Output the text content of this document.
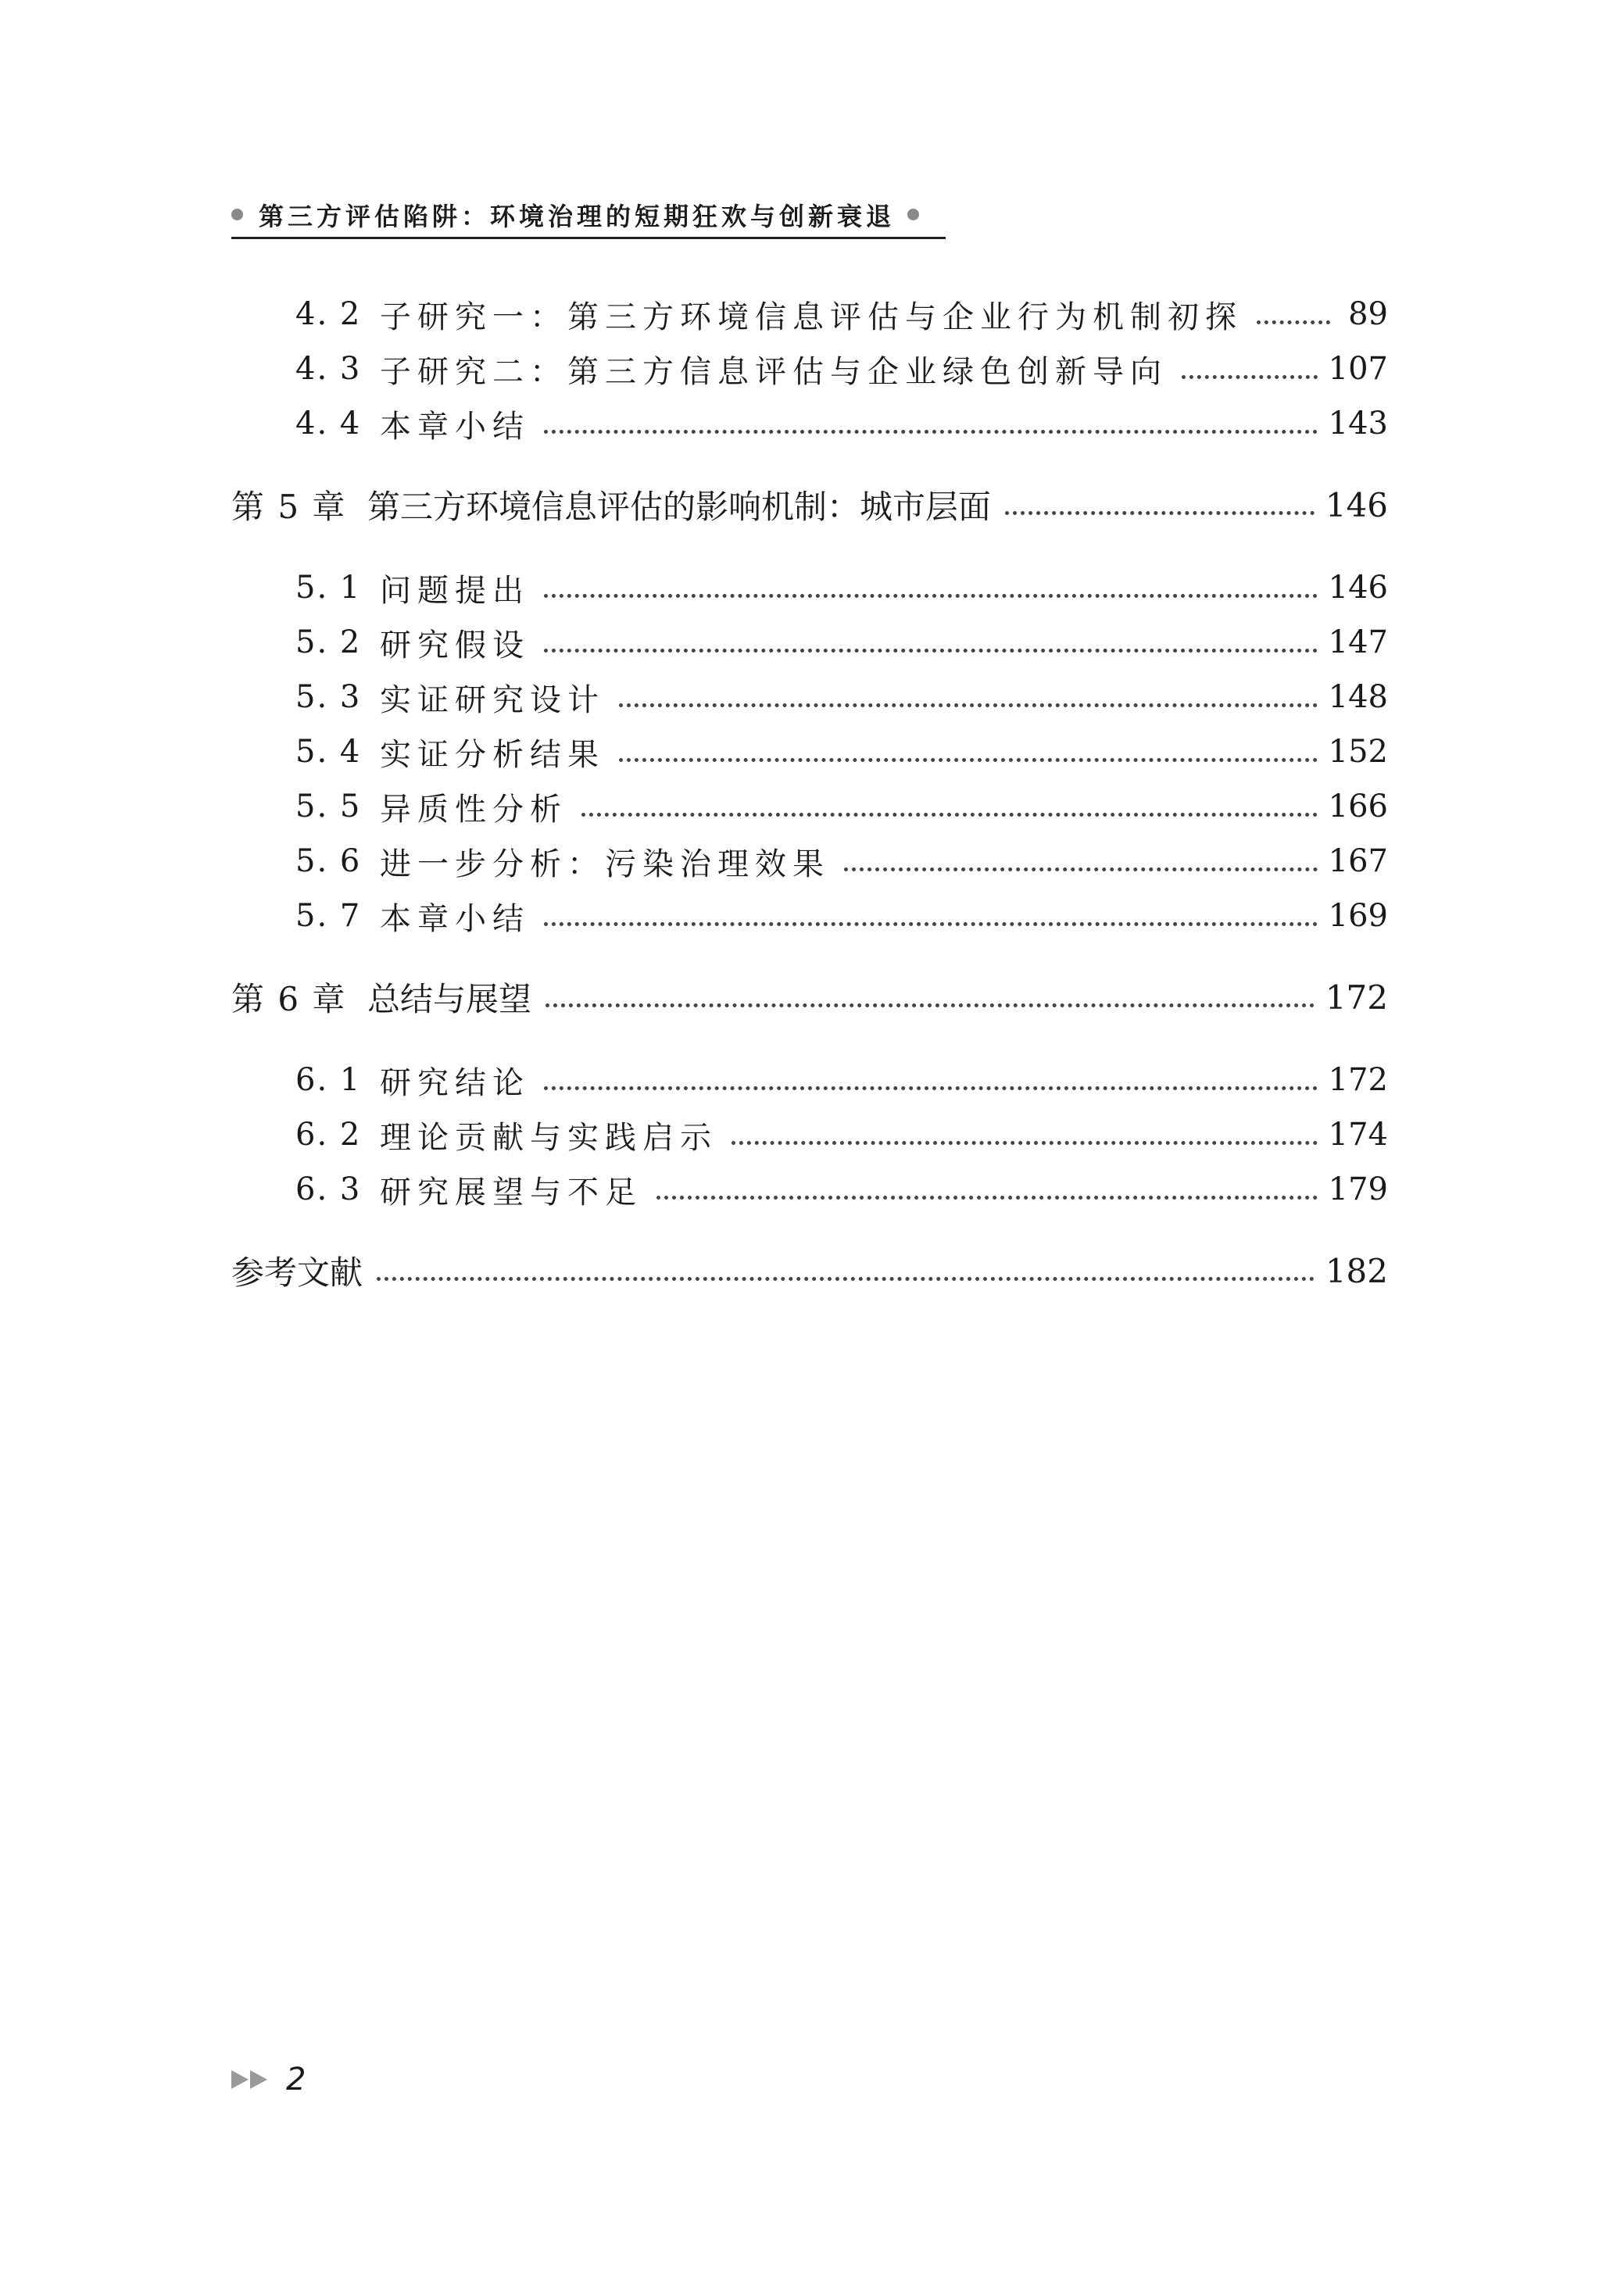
第三方评估陷阱：环境治理的短期狂欢与创新衰退
4. 2 子研究一：第三方环境信息评估与企业行为机制初探	89
4. 3 子研究二：第三方信息评估与企业绿色创新导向	107
4. 4 本章小结	143
第 5 章 第三方环境信息评估的影响机制：城市层面	146
5. 1 问题提出	146
5. 2 研究假设	147
5. 3 实证研究设计	148
5. 4 实证分析结果	152
5. 5 异质性分析	166
5. 6 进一步分析：污染治理效果	167
5. 7 本章小结	169
第 6 章 总结与展望	172
6. 1 研究结论	172
6. 2 理论贡献与实践启示	174
6. 3 研究展望与不足	179
参考文献	182
2
